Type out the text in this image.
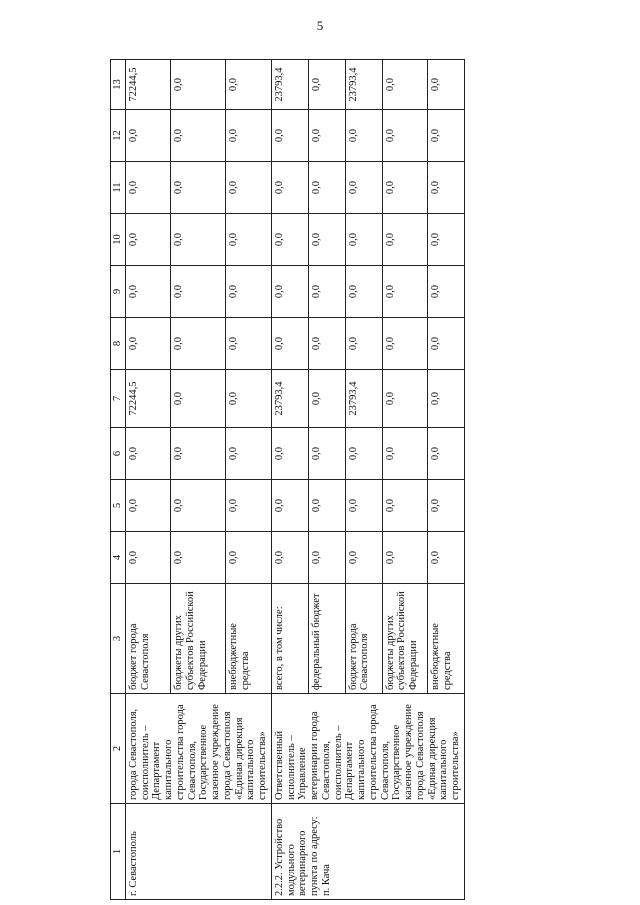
5
1	2	3	4	5	6	7	8	9	10	11	12	13
г. Севастополь	города Севастополя, соисполнитель – Департамент капитального строительства города Севастополя, Государственное казенное учреждение города Севастополя «Единая дирекция капитального строительства»	бюджет города Севастополя	0,0	0,0	0,0	72244,5	0,0	0,0	0,0	0,0	0,0	72244,5
		бюджеты других субъектов Российской Федерации	0,0	0,0	0,0	0,0	0,0	0,0	0,0	0,0	0,0	0,0
		внебюджетные средства	0,0	0,0	0,0	0,0	0,0	0,0	0,0	0,0	0,0	0,0
2.2.2. Устройство модульного ветеринарного пункта по адресу: п. Кача	Ответственный исполнитель – Управление ветеринарии города Севастополя, соисполнитель – Департамент капитального строительства города Севастополя, Государственное казенное учреждение города Севастополя «Единая дирекция капитального строительства»	всего, в том числе:	0,0	0,0	0,0	23793,4	0,0	0,0	0,0	0,0	0,0	23793,4
		федеральный бюджет	0,0	0,0	0,0	0,0	0,0	0,0	0,0	0,0	0,0	0,0
		бюджет города Севастополя	0,0	0,0	0,0	23793,4	0,0	0,0	0,0	0,0	0,0	23793,4
		бюджеты других субъектов Российской Федерации	0,0	0,0	0,0	0,0	0,0	0,0	0,0	0,0	0,0	0,0
		внебюджетные средства	0,0	0,0	0,0	0,0	0,0	0,0	0,0	0,0	0,0	0,0
